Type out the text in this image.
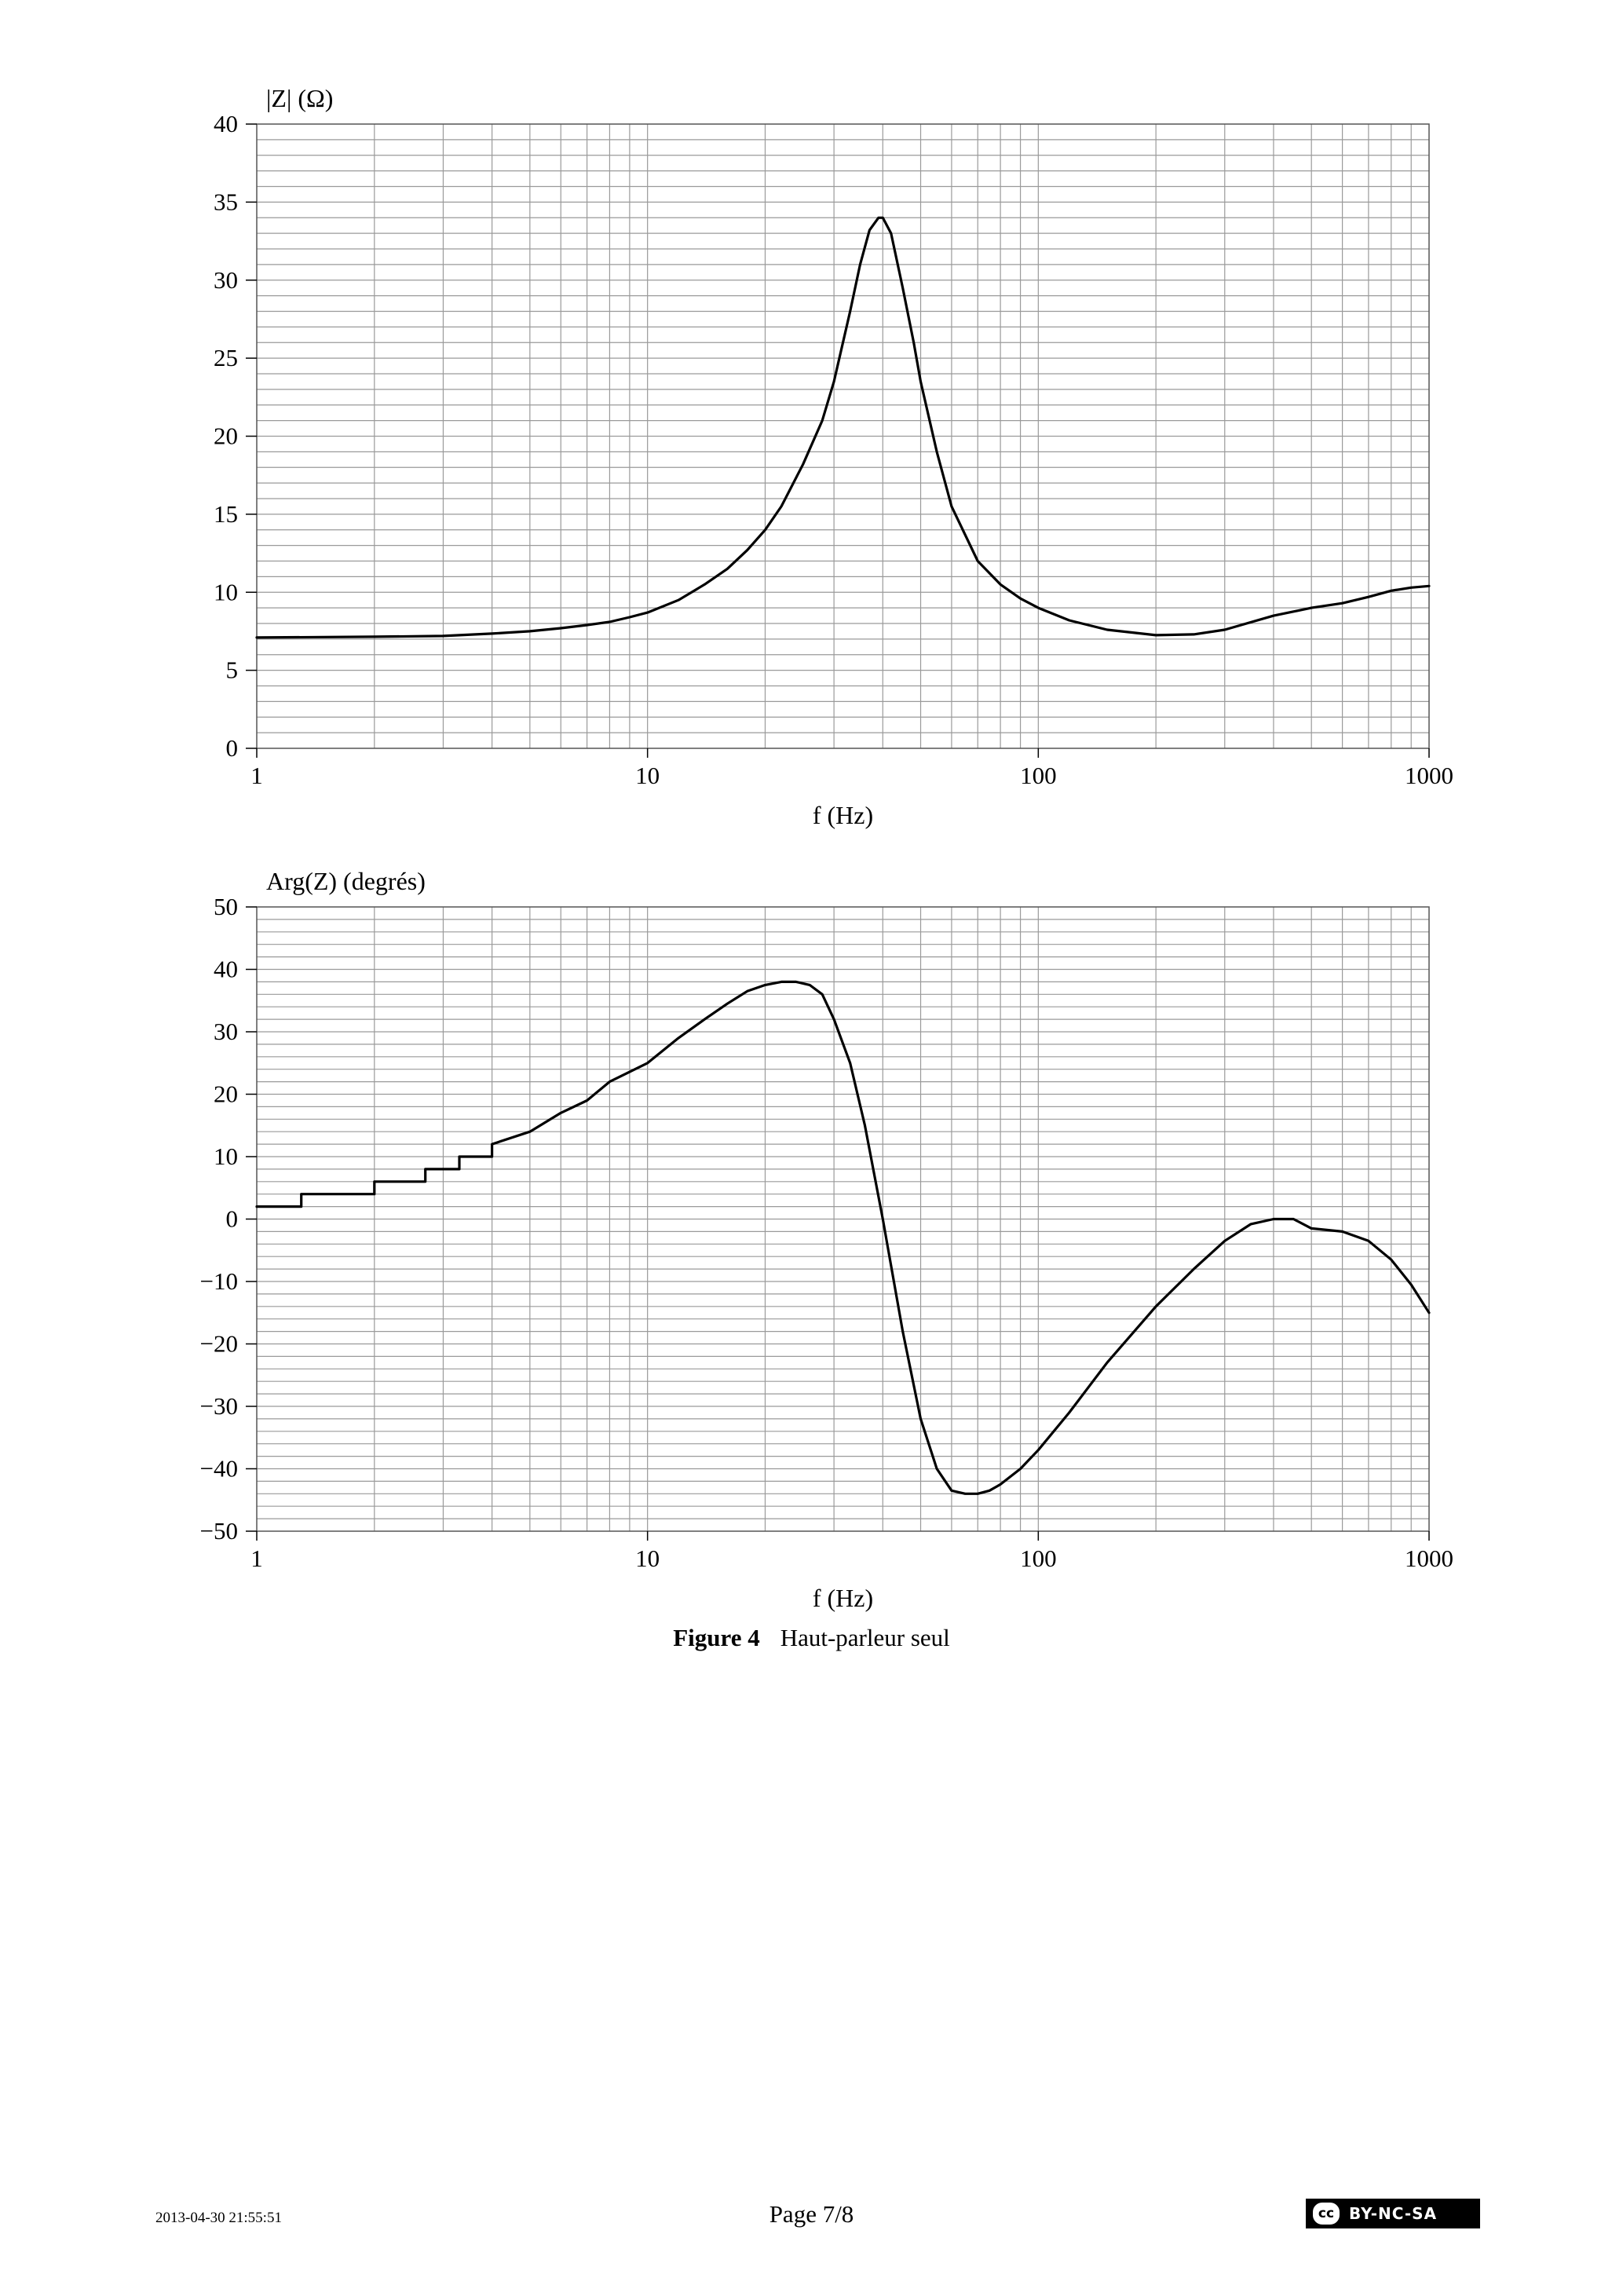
0
5
10
15
20
25
30
35
40
1	10	100	1000
|Z| (Ω)
f (Hz)
−50
−40
−30
−20
−10
0
10
20
30
40
50
1	10	100	1000
Arg(Z) (degrés)
f (Hz)
Figure 4 Haut-parleur seul
2013-04-30 21:55:51	Page 7/8	cc BY-NC-SA
